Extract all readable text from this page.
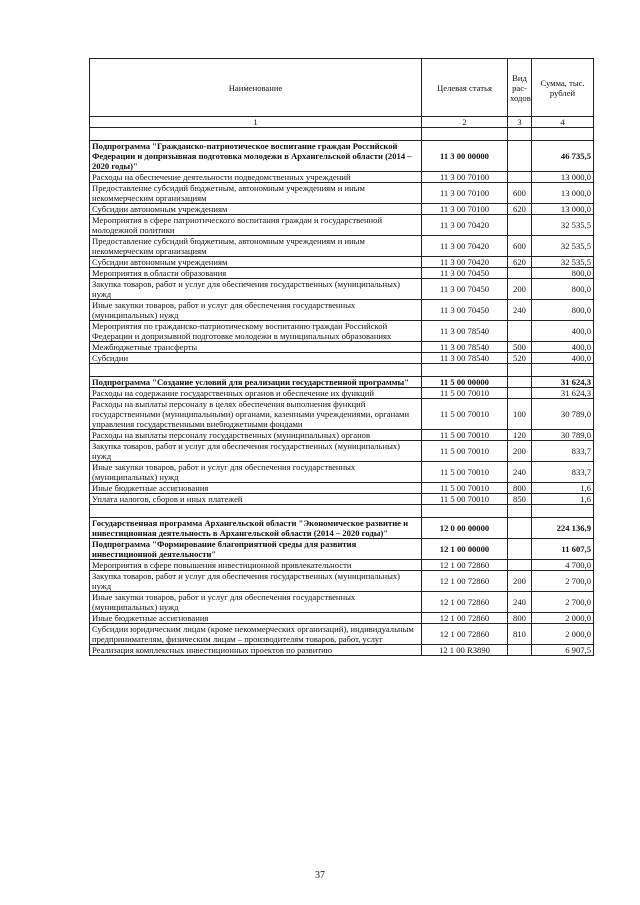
Наименование	Целевая статья	Вид рас-ходов	Сумма, тыс. рублей
1	2	3	4

Подпрограмма "Гражданско-патриотическое воспитание граждан Российской Федерации и допризывная подготовка молодежи в Архангельской области (2014 – 2020 годы)"	11 3 00 00000		46 735,5
Расходы на обеспечение деятельности подведомственных учреждений	11 3 00 70100		13 000,0
Предоставление субсидий бюджетным, автономным учреждениям и иным некоммерческим организациям	11 3 00 70100	600	13 000,0
Субсидии автономным учреждениям	11 3 00 70100	620	13 000,0
Мероприятия в сфере патриотического воспитания граждан и государственной молодежной политики	11 3 00 70420		32 535,5
Предоставление субсидий бюджетным, автономным учреждениям и иным некоммерческим организациям	11 3 00 70420	600	32 535,5
Субсидии автономным учреждениям	11 3 00 70420	620	32 535,5
Мероприятия в области образования	11 3 00 70450		800,0
Закупка товаров, работ и услуг для обеспечения государственных (муниципальных) нужд	11 3 00 70450	200	800,0
Иные закупки товаров, работ и услуг для обеспечения государственных (муниципальных) нужд	11 3 00 70450	240	800,0
Мероприятия по гражданско-патриотическому воспитанию граждан Российской Федерации и допризывной подготовке молодежи в муниципальных образованиях	11 3 00 78540		400,0
Межбюджетные трансферты	11 3 00 78540	500	400,0
Субсидии	11 3 00 78540	520	400,0

Подпрограмма "Создание условий для реализации государственной программы"	11 5 00 00000		31 624,3
Расходы на содержание государственных органов и обеспечение их функций	11 5 00 70010		31 624,3
Расходы на выплаты персоналу в целях обеспечения выполнения функций государственными (муниципальными) органами, казенными учреждениями, органами управления государственными внебюджетными фондами	11 5 00 70010	100	30 789,0
Расходы на выплаты персоналу государственных (муниципальных) органов	11 5 00 70010	120	30 789,0
Закупка товаров, работ и услуг для обеспечения государственных (муниципальных) нужд	11 5 00 70010	200	833,7
Иные закупки товаров, работ и услуг для обеспечения государственных (муниципальных) нужд	11 5 00 70010	240	833,7
Иные бюджетные ассигнования	11 5 00 70010	800	1,6
Уплата налогов, сборов и иных платежей	11 5 00 70010	850	1,6

Государственная программа Архангельской области "Экономическое развитие и инвестиционная деятельность в Архангельской области (2014 – 2020 годы)"	12 0 00 00000		224 136,9
Подпрограмма "Формирование благоприятной среды для развития инвестиционной деятельности"	12 1 00 00000		11 607,5
Мероприятия в сфере повышения инвестиционной привлекательности	12 1 00 72860		4 700,0
Закупка товаров, работ и услуг для обеспечения государственных (муниципальных) нужд	12 1 00 72860	200	2 700,0
Иные закупки товаров, работ и услуг для обеспечения государственных (муниципальных) нужд	12 1 00 72860	240	2 700,0
Иные бюджетные ассигнования	12 1 00 72860	800	2 000,0
Субсидии юридическим лицам (кроме некоммерческих организаций), индивидуальным предпринимателям, физическим лицам – производителям товаров, работ, услуг	12 1 00 72860	810	2 000,0
Реализация комплексных инвестиционных проектов по развитию	12 1 00 R3890		6 907,5
37
